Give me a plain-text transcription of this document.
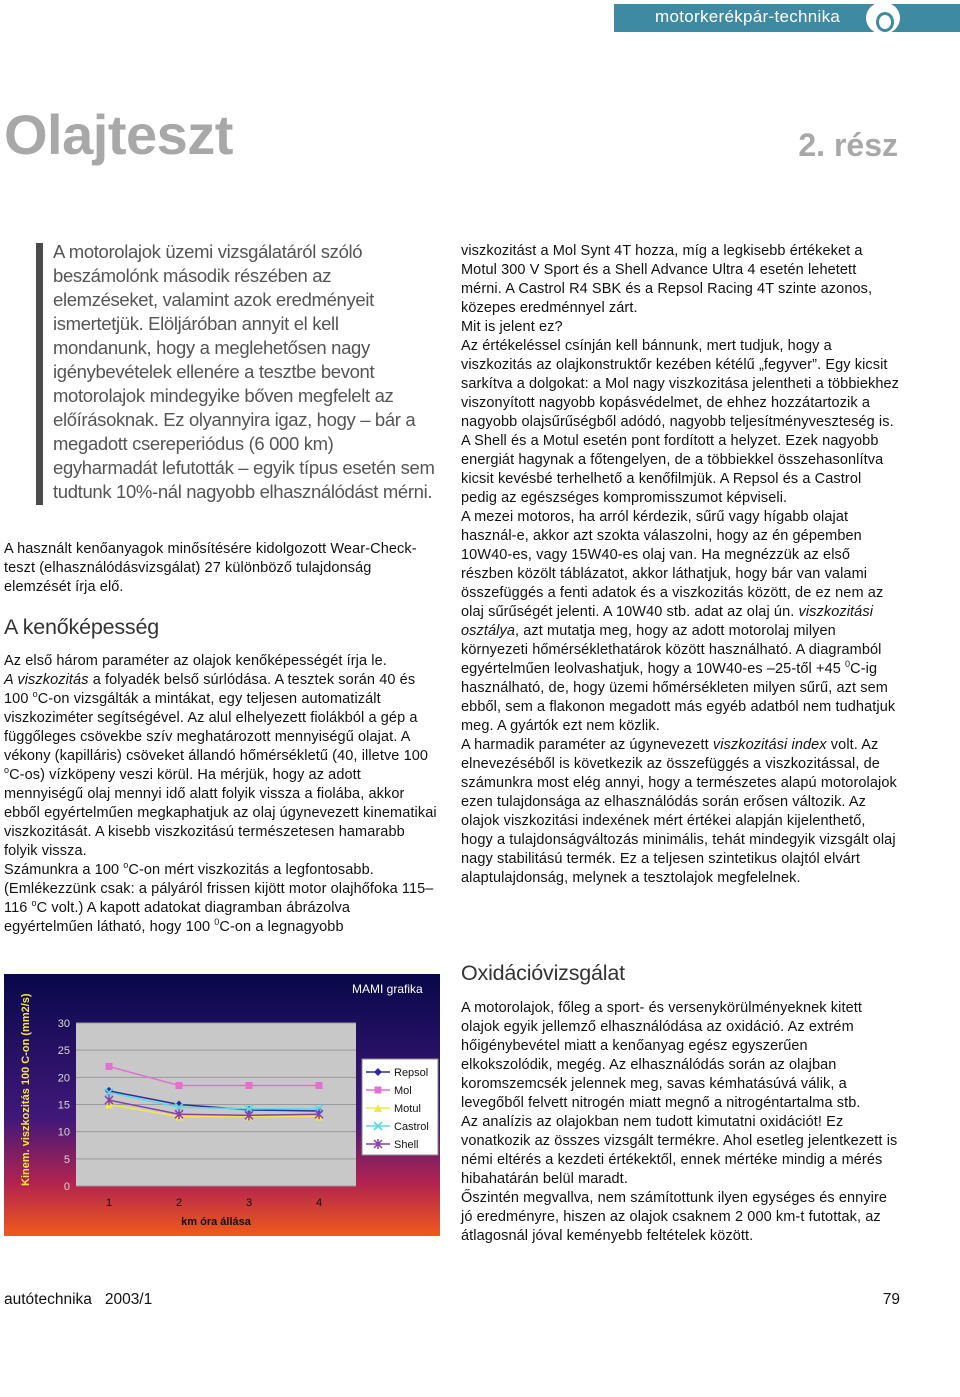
motorkerékpár-technika
Olajteszt	2. rész

A motorolajok üzemi vizsgálatáról szóló beszámolónk második részében az elemzéseket, valamint azok eredményeit ismertetjük. Elöljáróban annyit el kell mondanunk, hogy a meglehetősen nagy igénybevételek ellenére a tesztbe bevont motorolajok mindegyike bőven megfelelt az előírásoknak. Ez olyannyira igaz, hogy – bár a megadott csereperiódus (6 000 km) egyharmadát lefutották – egyik típus esetén sem tudtunk 10%-nál nagyobb elhasználódást mérni.

A használt kenőanyagok minősítésére kidolgozott Wear-Check-teszt (elhasználódásvizsgálat) 27 különböző tulajdonság elemzését írja elő.

A kenőképesség

Az első három paraméter az olajok kenőképességét írja le.

A viszkozitás a folyadék belső súrlódása. A tesztek során 40 és 100 $^o$C-on vizsgálták a mintákat, egy teljesen automatizált viszkoziméter segítségével. Az alul elhelyezett fiolákból a gép a függőleges csövekbe szív meghatározott mennyiségű olajat. A vékony (kapilláris) csöveket állandó hőmérsékletű (40, illetve 100 $^o$C-os) vízköpeny veszi körül. Ha mérjük, hogy az adott mennyiségű olaj mennyi idő alatt folyik vissza a fiolába, akkor ebből egyértelműen megkaphatjuk az olaj úgynevezett kinematikai viszkozitását. A kisebb viszkozitású természetesen hamarabb folyik vissza.

Számunkra a 100 $^o$C-on mért viszkozitás a legfontosabb. (Emlékezzünk csak: a pályáról frissen kijött motor olajhőfoka 115–116 $^o$C volt.) A kapott adatokat diagramban ábrázolva egyértelműen látható, hogy 100 $^0$C-on a legnagyobb

MAMI grafika
0
5
10
15
20
25
30
1	2	3	4
Kinem. viszkozitás 100 C-on (mm2/s)
km óra állása
Repsol
Mol
Motul
Castrol
Shell

viszkozitást a Mol Synt 4T hozza, míg a legkisebb értékeket a Motul 300 V Sport és a Shell Advance Ultra 4 esetén lehetett mérni. A Castrol R4 SBK és a Repsol Racing 4T szinte azonos, közepes eredménnyel zárt.

Mit is jelent ez?

Az értékeléssel csínján kell bánnunk, mert tudjuk, hogy a viszkozitás az olajkonstruktőr kezében kétélű „fegyver”. Egy kicsit sarkítva a dolgokat: a Mol nagy viszkozitása jelentheti a többiekhez viszonyított nagyobb kopásvédelmet, de ehhez hozzátartozik a nagyobb olajsűrűségből adódó, nagyobb teljesítményveszteség is. A Shell és a Motul esetén pont fordított a helyzet. Ezek nagyobb energiát hagynak a főtengelyen, de a többiekkel összehasonlítva kicsit kevésbé terhelhető a kenőfilmjük. A Repsol és a Castrol pedig az egészséges kompromisszumot képviseli.

A mezei motoros, ha arról kérdezik, sűrű vagy hígabb olajat használ-e, akkor azt szokta válaszolni, hogy az én gépemben 10W40-es, vagy 15W40-es olaj van. Ha megnézzük az első részben közölt táblázatot, akkor láthatjuk, hogy bár van valami összefüggés a fenti adatok és a viszkozitás között, de ez nem az olaj sűrűségét jelenti. A 10W40 stb. adat az olaj ún. viszkozitási osztálya, azt mutatja meg, hogy az adott motorolaj milyen környezeti hőmérséklethatárok között használható. A diagramból egyértelműen leolvashatjuk, hogy a 10W40-es –25-től +45 $^0$C-ig használható, de, hogy üzemi hőmérsékleten milyen sűrű, azt sem ebből, sem a flakonon megadott más egyéb adatból nem tudhatjuk meg. A gyártók ezt nem közlik.

A harmadik paraméter az úgynevezett viszkozitási index volt. Az elnevezéséből is következik az összefüggés a viszkozitással, de számunkra most elég annyi, hogy a természetes alapú motorolajok ezen tulajdonsága az elhasználódás során erősen változik. Az olajok viszkozitási indexének mért értékei alapján kijelenthető, hogy a tulajdonságváltozás minimális, tehát mindegyik vizsgált olaj nagy stabilitású termék. Ez a teljesen szintetikus olajtól elvárt alaptulajdonság, melynek a tesztolajok megfelelnek.

Oxidációvizsgálat

A motorolajok, főleg a sport- és versenykörülményeknek kitett olajok egyik jellemző elhasználódása az oxidáció. Az extrém hőigénybevétel miatt a kenőanyag egész egyszerűen elkokszolódik, megég. Az elhasználódás során az olajban koromszemcsék jelennek meg, savas kémhatásúvá válik, a levegőből felvett nitrogén miatt megnő a nitrogéntartalma stb.

Az analízis az olajokban nem tudott kimutatni oxidációt! Ez vonatkozik az összes vizsgált termékre. Ahol esetleg jelentkezett is némi eltérés a kezdeti értékektől, ennek mértéke mindig a mérés hibahatárán belül maradt.

Őszintén megvallva, nem számítottunk ilyen egységes és ennyire jó eredményre, hiszen az olajok csaknem 2 000 km-t futottak, az átlagosnál jóval keményebb feltételek között.

autótechnika 2003/1	79
